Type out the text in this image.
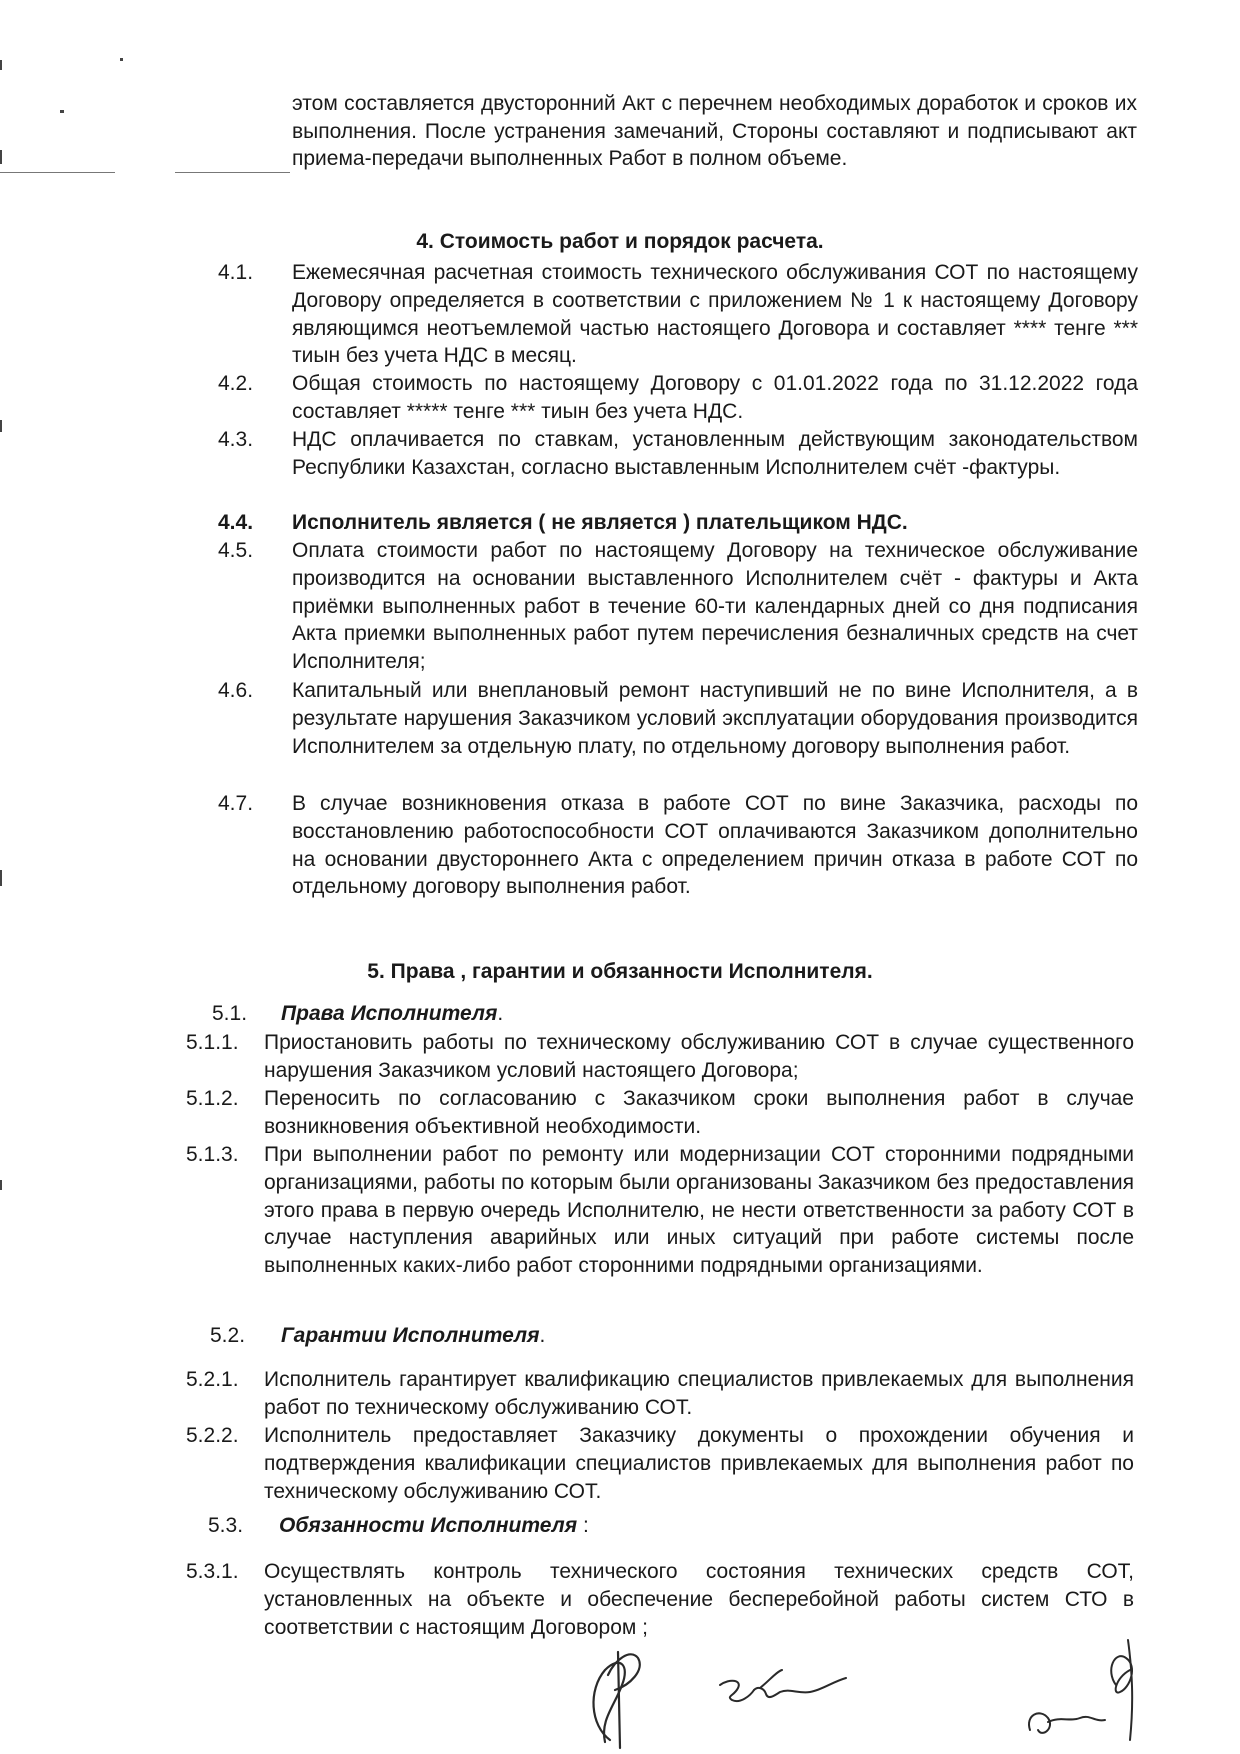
этом составляется двусторонний Акт с перечнем необходимых доработок и сроков их выполнения. После устранения замечаний, Стороны составляют и подписывают акт приема-передачи выполненных Работ в полном объеме.
4. Стоимость работ и порядок расчета.
4.1. Ежемесячная расчетная стоимость технического обслуживания СОТ по настоящему Договору определяется в соответствии с приложением № 1 к настоящему Договору являющимся неотъемлемой частью настоящего Договора и составляет **** тенге *** тиын без учета НДС в месяц.
4.2. Общая стоимость по настоящему Договору с 01.01.2022 года по 31.12.2022 года составляет ***** тенге *** тиын без учета НДС.
4.3. НДС оплачивается по ставкам, установленным действующим законодательством Республики Казахстан, согласно выставленным Исполнителем счёт -фактуры.
4.4. Исполнитель является ( не является ) плательщиком НДС.
4.5. Оплата стоимости работ по настоящему Договору на техническое обслуживание производится на основании выставленного Исполнителем счёт - фактуры и Акта приёмки выполненных работ в течение 60-ти календарных дней со дня подписания Акта приемки выполненных работ путем перечисления безналичных средств на счет Исполнителя;
4.6. Капитальный или внеплановый ремонт наступивший не по вине Исполнителя, а в результате нарушения Заказчиком условий эксплуатации оборудования производится Исполнителем за отдельную плату, по отдельному договору выполнения работ.
4.7. В случае возникновения отказа в работе СОТ по вине Заказчика, расходы по восстановлению работоспособности СОТ оплачиваются Заказчиком дополнительно на основании двустороннего Акта с определением причин отказа в работе СОТ по отдельному договору выполнения работ.
5. Права , гарантии и обязанности Исполнителя.
5.1. Права Исполнителя.
5.1.1. Приостановить работы по техническому обслуживанию СОТ в случае существенного нарушения Заказчиком условий настоящего Договора;
5.1.2. Переносить по согласованию с Заказчиком сроки выполнения работ в случае возникновения объективной необходимости.
5.1.3. При выполнении работ по ремонту или модернизации СОТ сторонними подрядными организациями, работы по которым были организованы Заказчиком без предоставления этого права в первую очередь Исполнителю, не нести ответственности за работу СОТ в случае наступления аварийных или иных ситуаций при работе системы после выполненных каких-либо работ сторонними подрядными организациями.
5.2. Гарантии Исполнителя.
5.2.1. Исполнитель гарантирует квалификацию специалистов привлекаемых для выполнения работ по техническому обслуживанию СОТ.
5.2.2. Исполнитель предоставляет Заказчику документы о прохождении обучения и подтверждения квалификации специалистов привлекаемых для выполнения работ по техническому обслуживанию СОТ.
5.3. Обязанности Исполнителя :
5.3.1. Осуществлять контроль технического состояния технических средств СОТ, установленных на объекте и обеспечение бесперебойной работы систем СТО в соответствии с настоящим Договором ;
